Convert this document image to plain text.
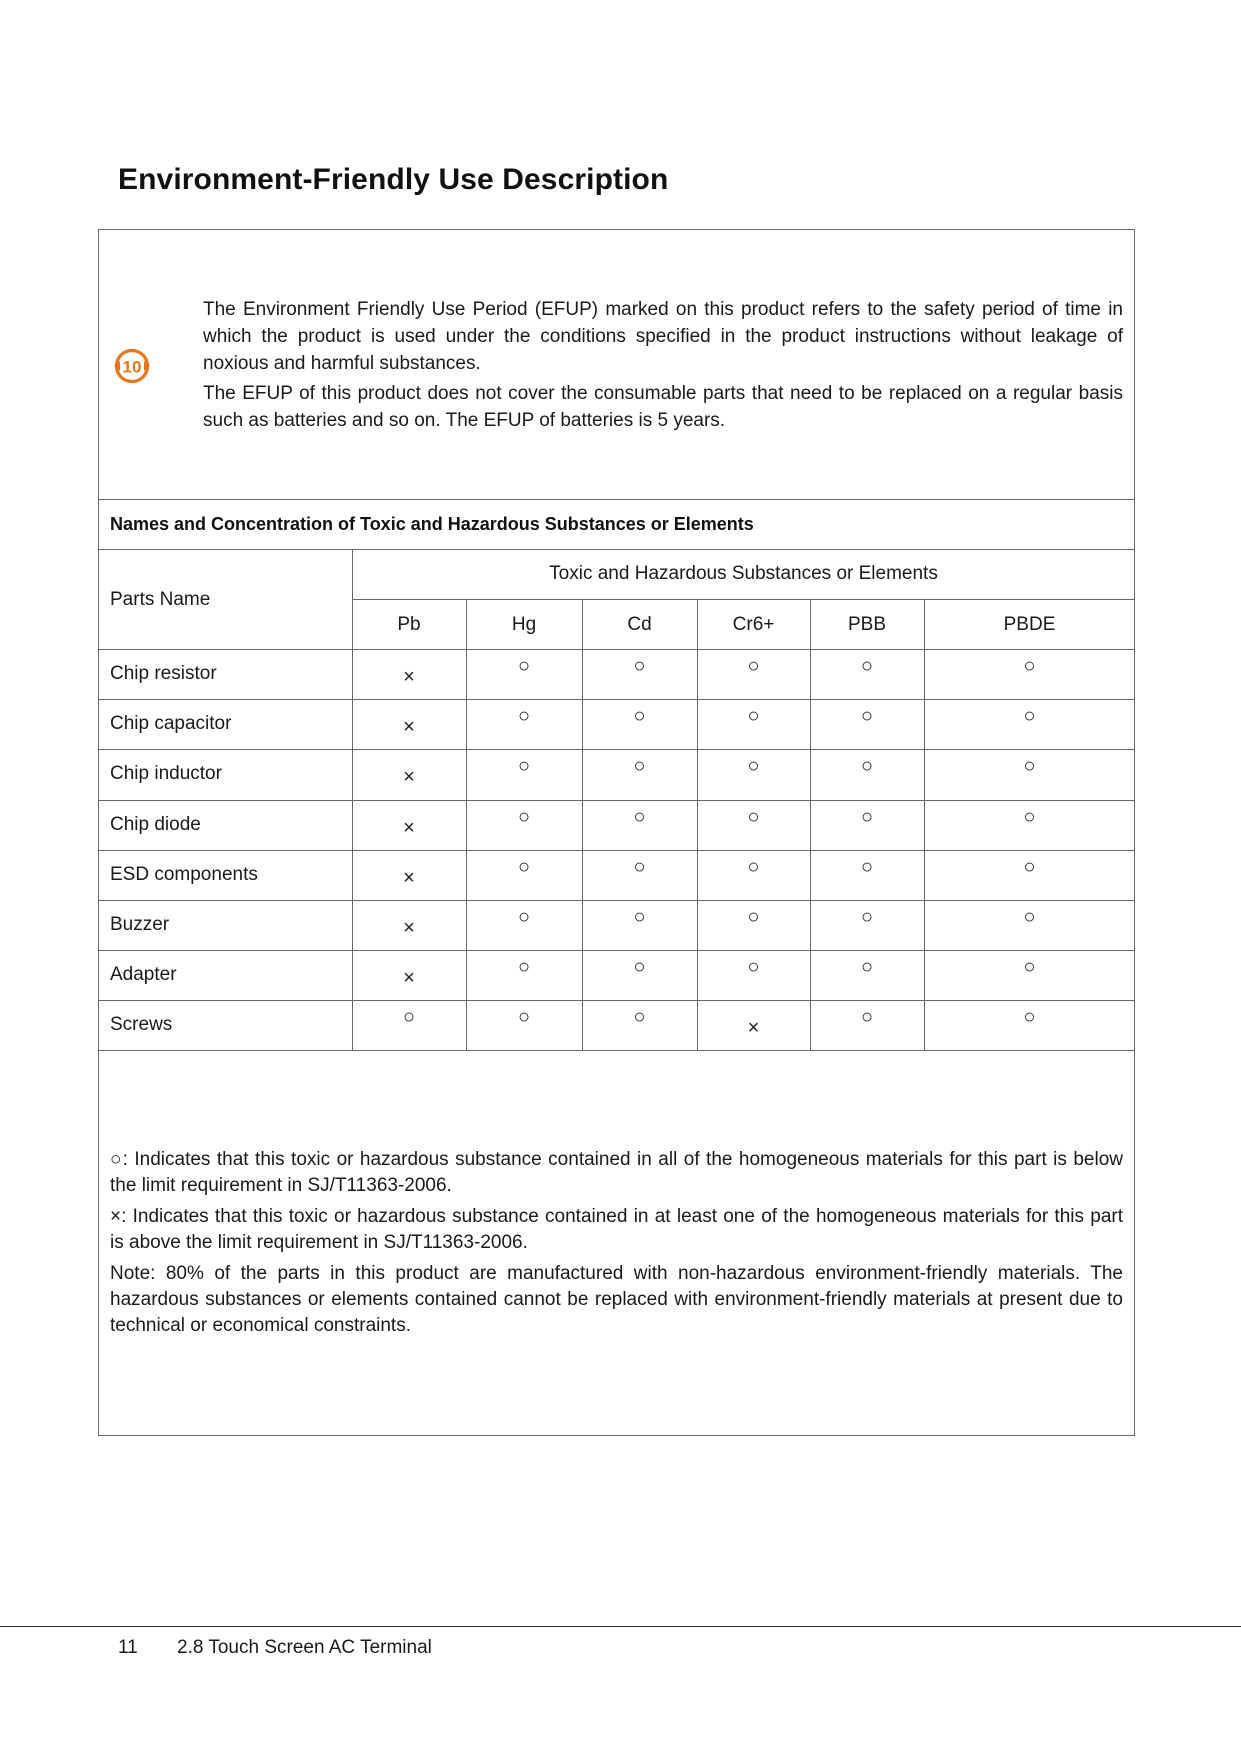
Environment-Friendly Use Description
10

The Environment Friendly Use Period (EFUP) marked on this product refers to the safety period of time in which the product is used under the conditions specified in the product instructions without leakage of noxious and harmful substances.

The EFUP of this product does not cover the consumable parts that need to be replaced on a regular basis such as batteries and so on. The EFUP of batteries is 5 years.

Names and Concentration of Toxic and Hazardous Substances or Elements
Parts Name
Toxic and Hazardous Substances or Elements
Pb	Hg	Cd	Cr6+	PBB	PBDE
Chip resistor	×	○	○	○	○	○
Chip capacitor	×	○	○	○	○	○
Chip inductor	×	○	○	○	○	○
Chip diode	×	○	○	○	○	○
ESD components	×	○	○	○	○	○
Buzzer	×	○	○	○	○	○
Adapter	×	○	○	○	○	○
Screws	○	○	○	×	○	○

○: Indicates that this toxic or hazardous substance contained in all of the homogeneous materials for this part is below the limit requirement in SJ/T11363-2006.

×: Indicates that this toxic or hazardous substance contained in at least one of the homogeneous materials for this part is above the limit requirement in SJ/T11363-2006.

Note: 80% of the parts in this product are manufactured with non-hazardous environment-friendly materials. The hazardous substances or elements contained cannot be replaced with environment-friendly materials at present due to technical or economical constraints.

11 2.8 Touch Screen AC Terminal
